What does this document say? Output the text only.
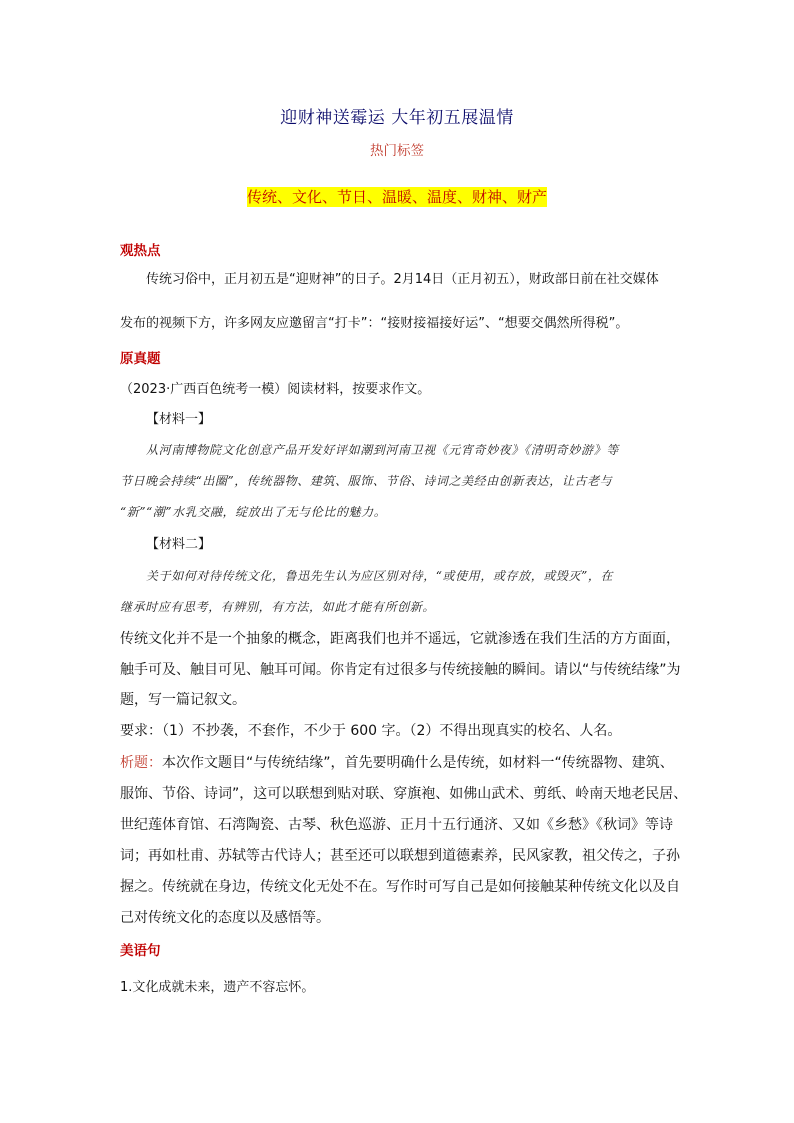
迎财神送霉运 大年初五展温情
热门标签
传统、文化、节日、温暖、温度、财神、财产
观热点
传统习俗中，正月初五是“迎财神”的日子。2月14日（正月初五），财政部日前在社交媒体
发布的视频下方，许多网友应邀留言“打卡”：“接财接福接好运”、“想要交偶然所得税”。
原真题
（2023·广西百色统考一模）阅读材料，按要求作文。
【材料一】
从河南博物院文化创意产品开发好评如潮到河南卫视《元宵奇妙夜》《清明奇妙游》等
节日晚会持续“出圈”，传统器物、建筑、服饰、节俗、诗词之美经由创新表达，让古老与
“新”“潮”水乳交融，绽放出了无与伦比的魅力。
【材料二】
关于如何对待传统文化，鲁迅先生认为应区别对待，“或使用，或存放，或毁灭”，在
继承时应有思考，有辨别，有方法，如此才能有所创新。
传统文化并不是一个抽象的概念，距离我们也并不遥远，它就渗透在我们生活的方方面面，
触手可及、触目可见、触耳可闻。你肯定有过很多与传统接触的瞬间。请以“与传统结缘”为
题，写一篇记叙文。
要求：（1）不抄袭，不套作，不少于 600 字。（2）不得出现真实的校名、人名。
析题：本次作文题目“与传统结缘”，首先要明确什么是传统，如材料一“传统器物、建筑、
服饰、节俗、诗词”，这可以联想到贴对联、穿旗袍、如佛山武术、剪纸、岭南天地老民居、
世纪莲体育馆、石湾陶瓷、古琴、秋色巡游、正月十五行通济、又如《乡愁》《秋词》等诗
词；再如杜甫、苏轼等古代诗人；甚至还可以联想到道德素养，民风家教，祖父传之，子孙
握之。传统就在身边，传统文化无处不在。写作时可写自己是如何接触某种传统文化以及自
己对传统文化的态度以及感悟等。
美语句
1.文化成就未来，遗产不容忘怀。
